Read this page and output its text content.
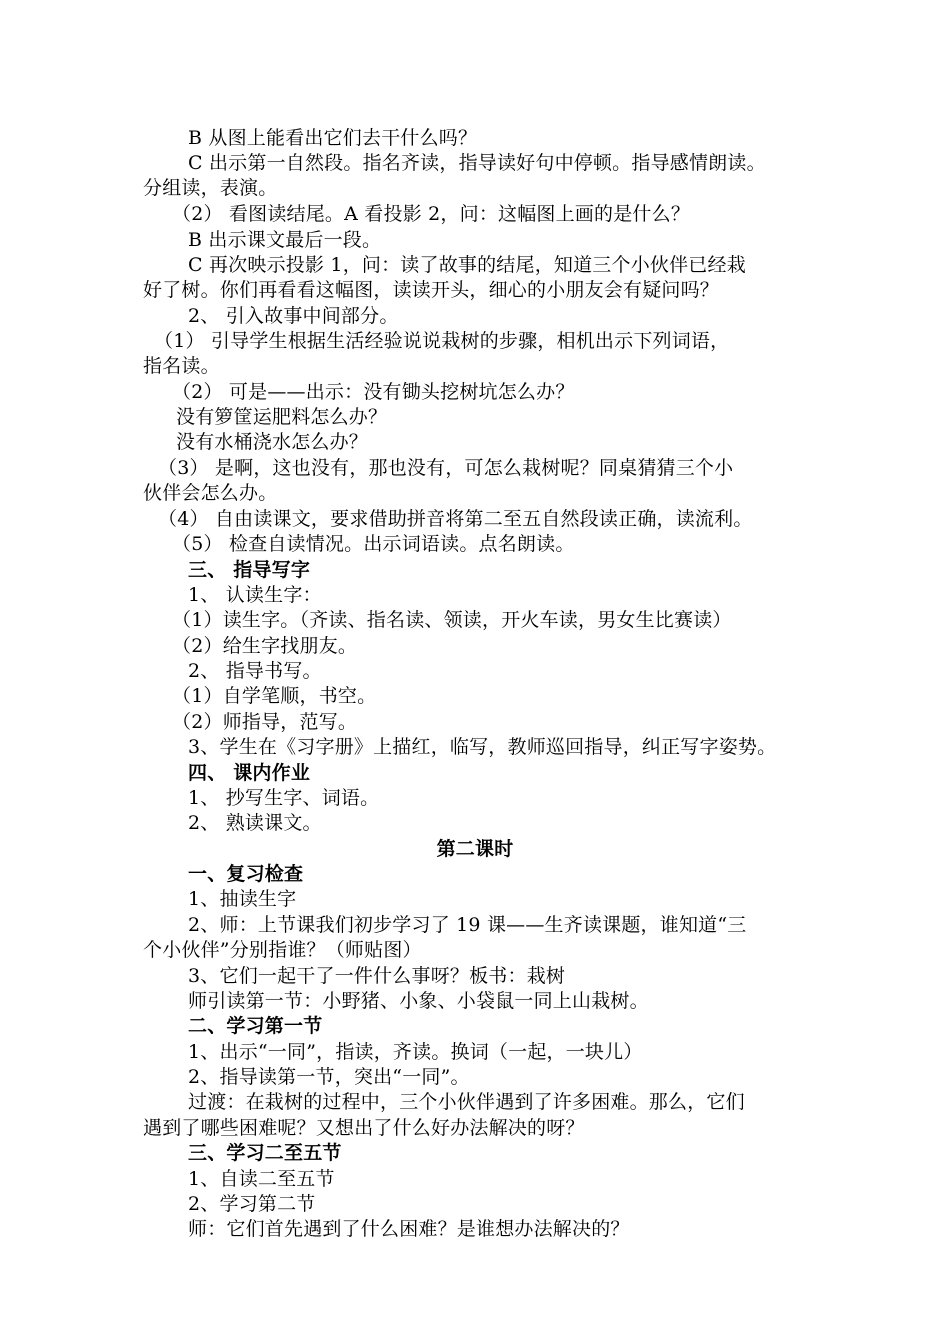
B 从图上能看出它们去干什么吗？
C 出示第一自然段。指名齐读，指导读好句中停顿。指导感情朗读。
分组读，表演。
（2） 看图读结尾。A 看投影 2，问：这幅图上画的是什么？
B 出示课文最后一段。
C 再次映示投影 1，问：读了故事的结尾，知道三个小伙伴已经栽
好了树。你们再看看这幅图，读读开头，细心的小朋友会有疑问吗？
2、 引入故事中间部分。
（1） 引导学生根据生活经验说说栽树的步骤，相机出示下列词语，
指名读。
（2） 可是——出示：没有锄头挖树坑怎么办？
没有箩筐运肥料怎么办？
没有水桶浇水怎么办？
（3） 是啊，这也没有，那也没有，可怎么栽树呢？同桌猜猜三个小
伙伴会怎么办。
（4） 自由读课文，要求借助拼音将第二至五自然段读正确，读流利。
（5） 检查自读情况。出示词语读。点名朗读。
三、 指导写字
1、 认读生字：
（1）读生字。（齐读、指名读、领读，开火车读，男女生比赛读）
（2）给生字找朋友。
2、 指导书写。
（1）自学笔顺，书空。
（2）师指导，范写。
3、学生在《习字册》上描红，临写，教师巡回指导，纠正写字姿势。
四、 课内作业
1、 抄写生字、词语。
2、 熟读课文。
第二课时
一、复习检查
1、抽读生字
2、师：上节课我们初步学习了 19 课——生齐读课题，谁知道“三
个小伙伴”分别指谁？（师贴图）
3、它们一起干了一件什么事呀？板书：栽树
师引读第一节：小野猪、小象、小袋鼠一同上山栽树。
二、学习第一节
1、出示“一同”，指读，齐读。换词（一起，一块儿）
2、指导读第一节，突出“一同”。
过渡：在栽树的过程中，三个小伙伴遇到了许多困难。那么，它们
遇到了哪些困难呢？又想出了什么好办法解决的呀？
三、学习二至五节
1、自读二至五节
2、学习第二节
师：它们首先遇到了什么困难？是谁想办法解决的？
